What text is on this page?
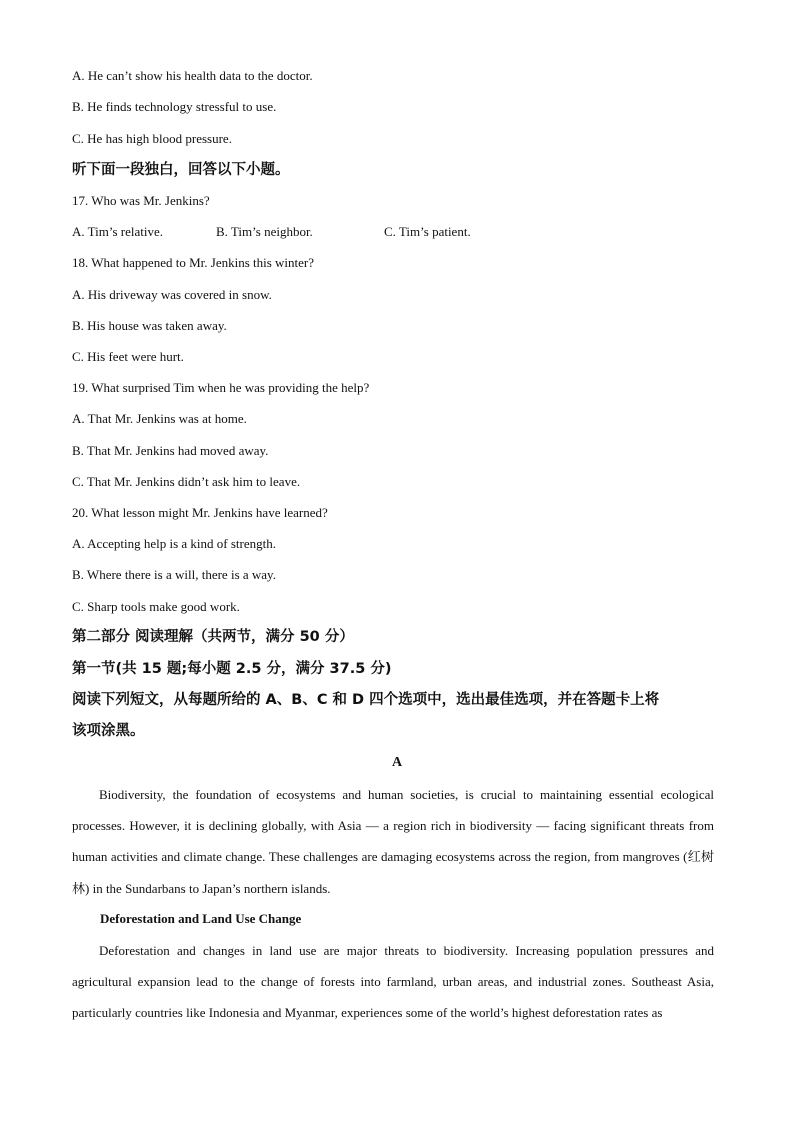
A. He can’t show his health data to the doctor.
B. He finds technology stressful to use.
C. He has high blood pressure.
听下面一段独白，回答以下小题。
17. Who was Mr. Jenkins?
A. Tim’s relative.	B. Tim’s neighbor.	C. Tim’s patient.
18. What happened to Mr. Jenkins this winter?
A. His driveway was covered in snow.
B. His house was taken away.
C. His feet were hurt.
19. What surprised Tim when he was providing the help?
A. That Mr. Jenkins was at home.
B. That Mr. Jenkins had moved away.
C. That Mr. Jenkins didn’t ask him to leave.
20. What lesson might Mr. Jenkins have learned?
A. Accepting help is a kind of strength.
B. Where there is a will, there is a way.
C. Sharp tools make good work.
第二部分 阅读理解（共两节，满分 50 分）
第一节(共 15 题;每小题 2.5 分，满分 37.5 分)
阅读下列短文，从每题所给的 A、B、C 和 D 四个选项中，选出最佳选项，并在答题卡上将
该项涂黑。
A
Biodiversity, the foundation of ecosystems and human societies, is crucial to maintaining essential ecological processes. However, it is declining globally, with Asia — a region rich in biodiversity — facing significant threats from human activities and climate change. These challenges are damaging ecosystems across the region, from mangroves (红树林) in the Sundarbans to Japan’s northern islands.
Deforestation and Land Use Change
Deforestation and changes in land use are major threats to biodiversity. Increasing population pressures and agricultural expansion lead to the change of forests into farmland, urban areas, and industrial zones. Southeast Asia, particularly countries like Indonesia and Myanmar, experiences some of the world’s highest deforestation rates as
